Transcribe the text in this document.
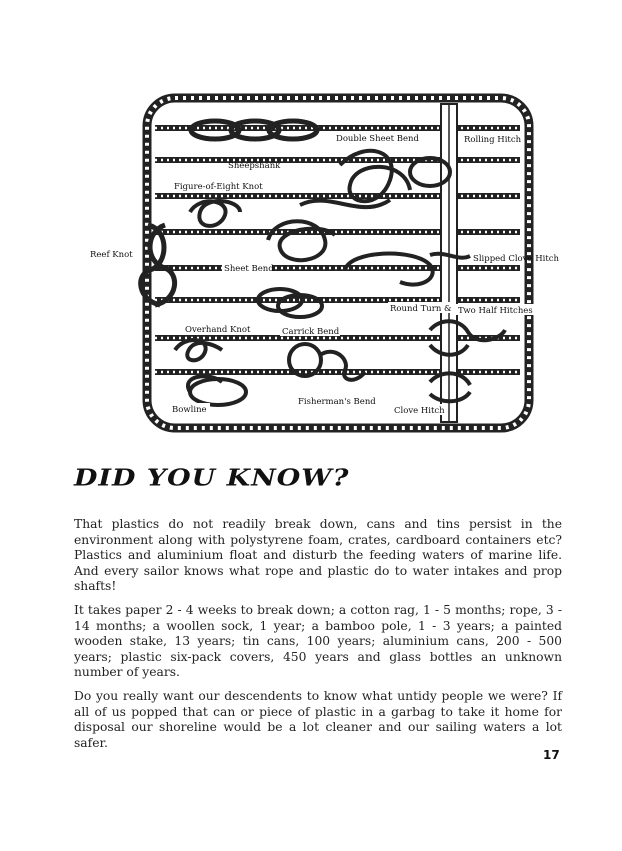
Double Sheet Bend	Rolling Hitch
Sheepshank
Figure-of-Eight Knot
Reef Knot
Sheet Bend
Slipped Clove Hitch
Round Turn & Two Half Hitches
Overhand Knot	Carrick Bend
Bowline
Fisherman's Bend
Clove Hitch
DID YOU KNOW?

That plastics do not readily break down, cans and tins persist in the environment along with polystyrene foam, crates, cardboard containers etc? Plastics and aluminium float and disturb the feeding waters of marine life. And every sailor knows what rope and plastic do to water intakes and prop shafts!

It takes paper 2 - 4 weeks to break down; a cotton rag, 1 - 5 months; rope, 3 - 14 months; a woollen sock, 1 year; a bamboo pole, 1 - 3 years; a painted wooden stake, 13 years; tin cans, 100 years; aluminium cans, 200 - 500 years; plastic six-pack covers, 450 years and glass bottles an unknown number of years.

Do you really want our descendents to know what untidy people we were? If all of us popped that can or piece of plastic in a garbag to take it home for disposal our shoreline would be a lot cleaner and our sailing waters a lot safer.

17
